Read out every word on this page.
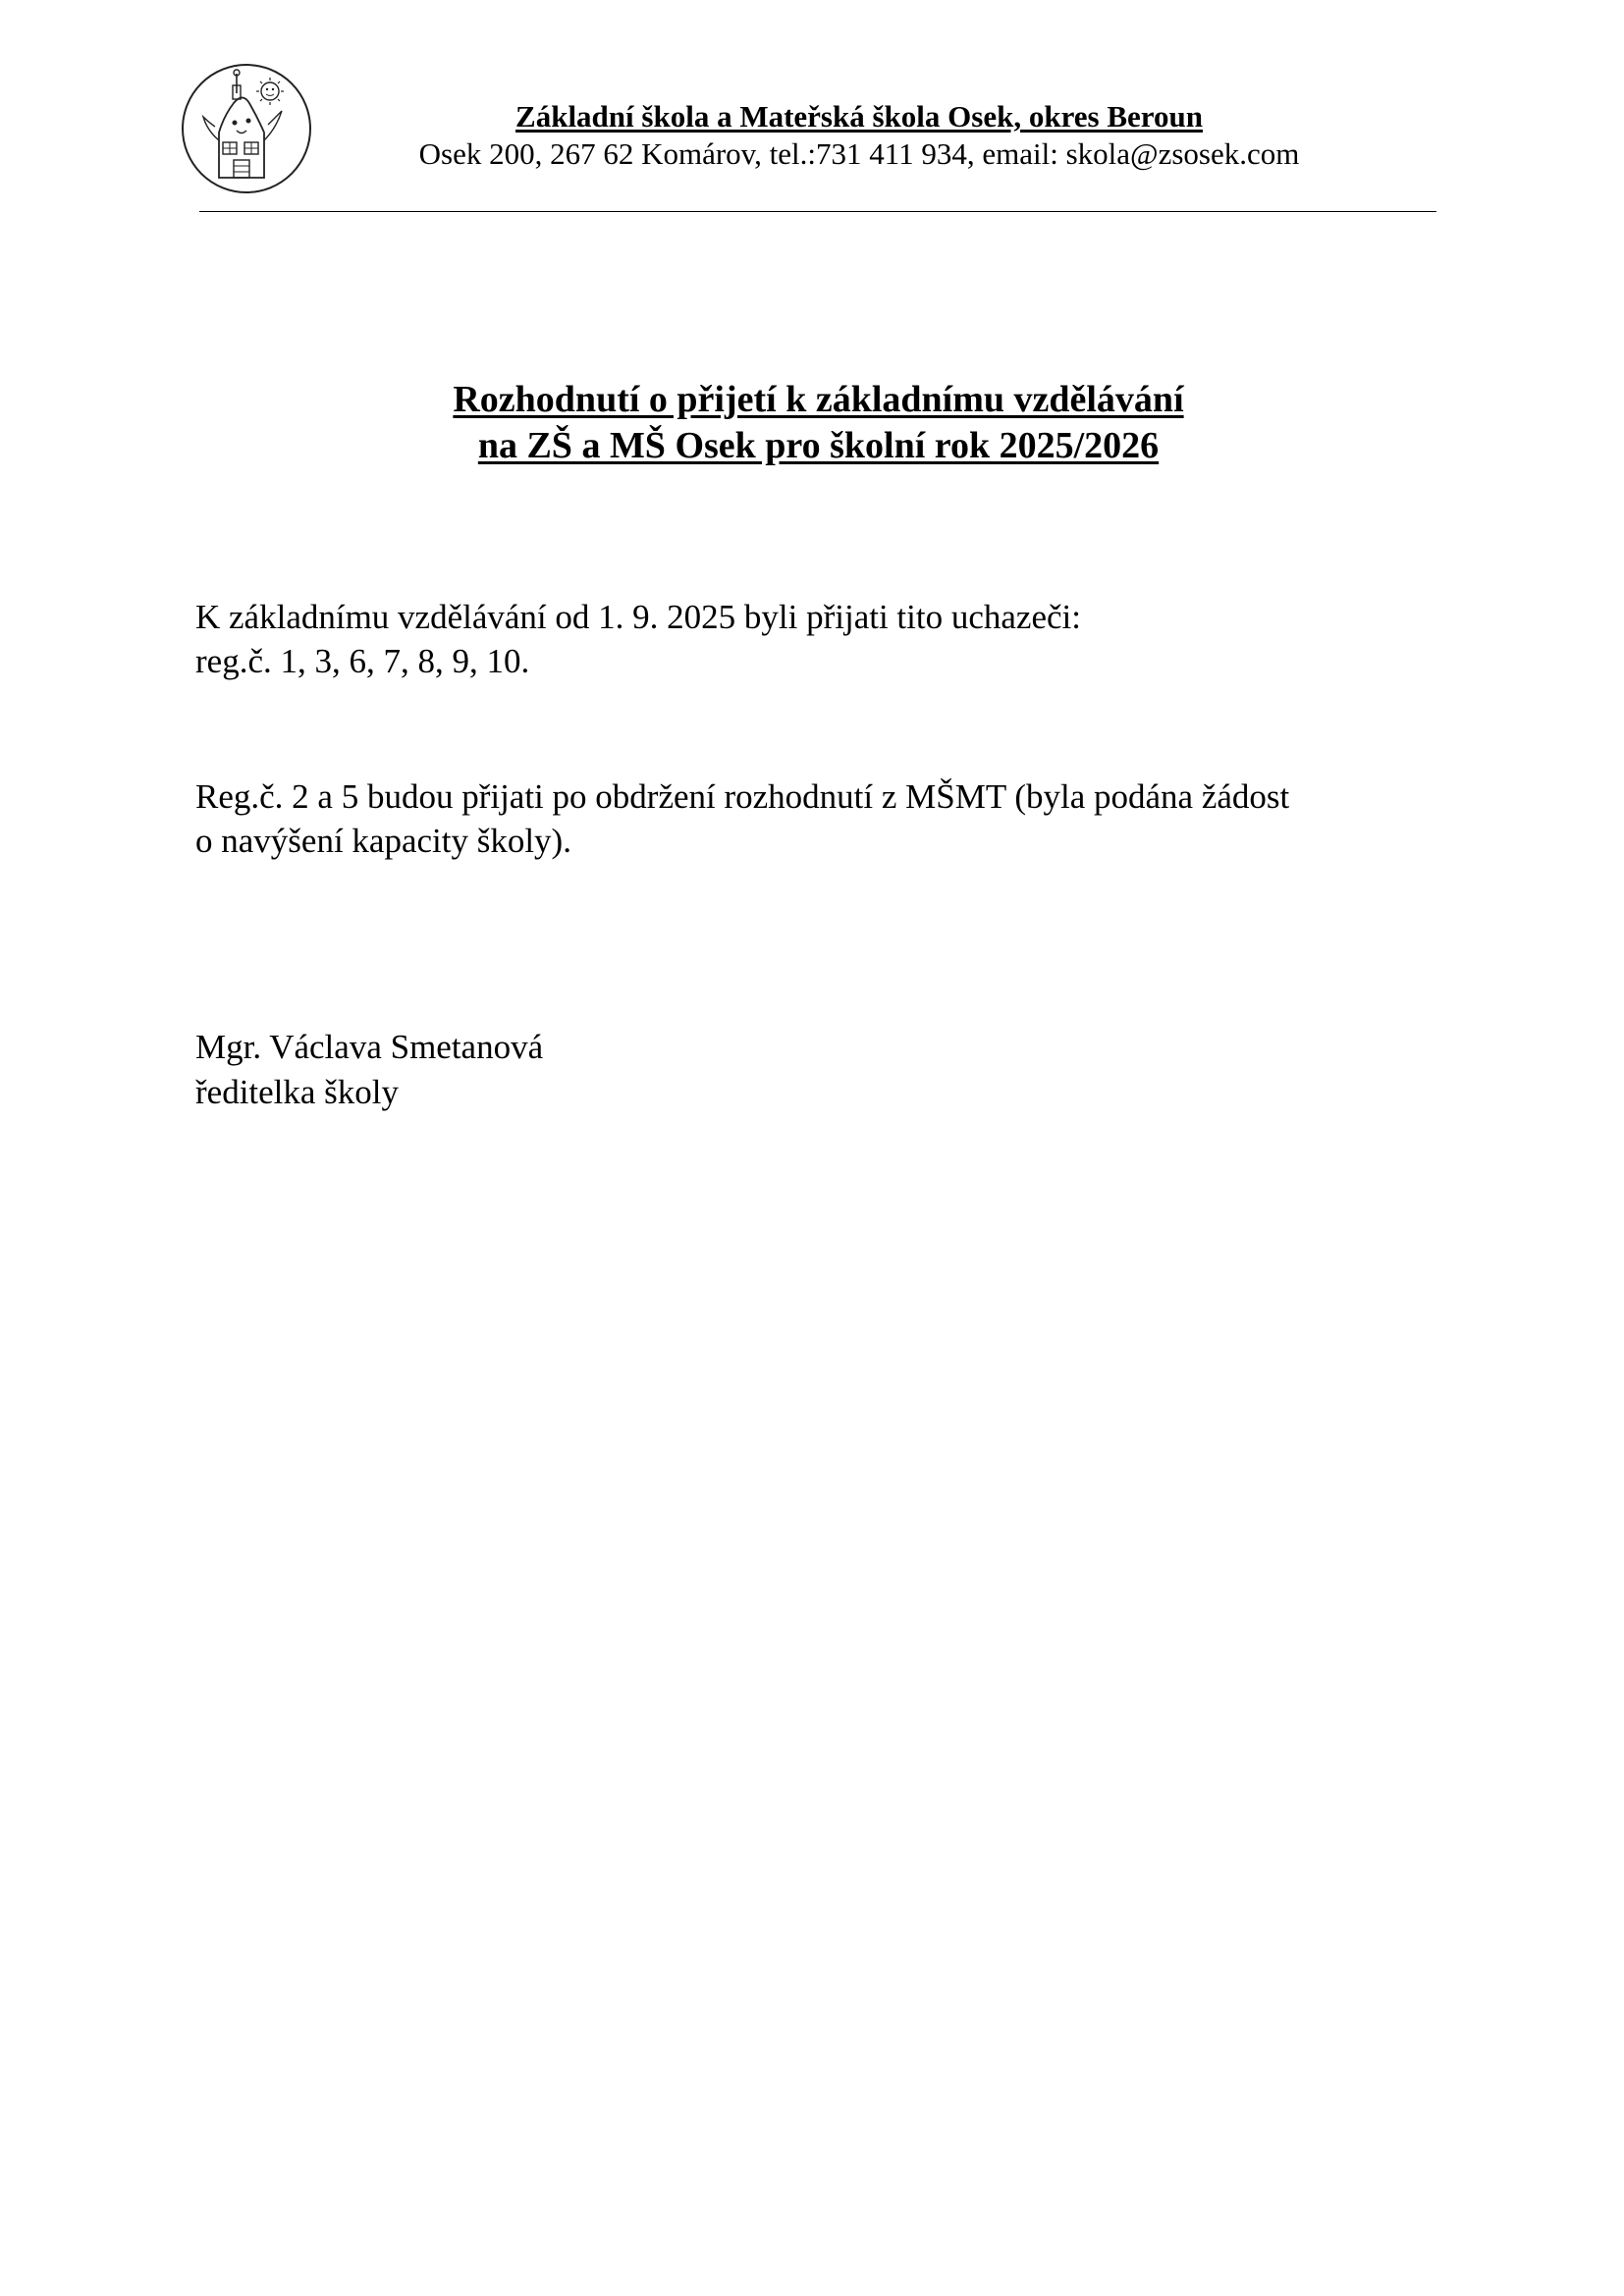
Základní škola a Mateřská škola Osek, okres Beroun
Osek 200, 267 62 Komárov, tel.:731 411 934, email: skola@zsosek.com
Rozhodnutí o přijetí k základnímu vzdělávání
na ZŠ a MŠ Osek pro školní rok 2025/2026
K základnímu vzdělávání od 1. 9. 2025 byli přijati tito uchazeči:
reg.č. 1, 3, 6, 7, 8, 9, 10.
Reg.č. 2 a 5 budou přijati po obdržení rozhodnutí z MŠMT (byla podána žádost
o navýšení kapacity školy).
Mgr. Václava Smetanová
ředitelka školy
